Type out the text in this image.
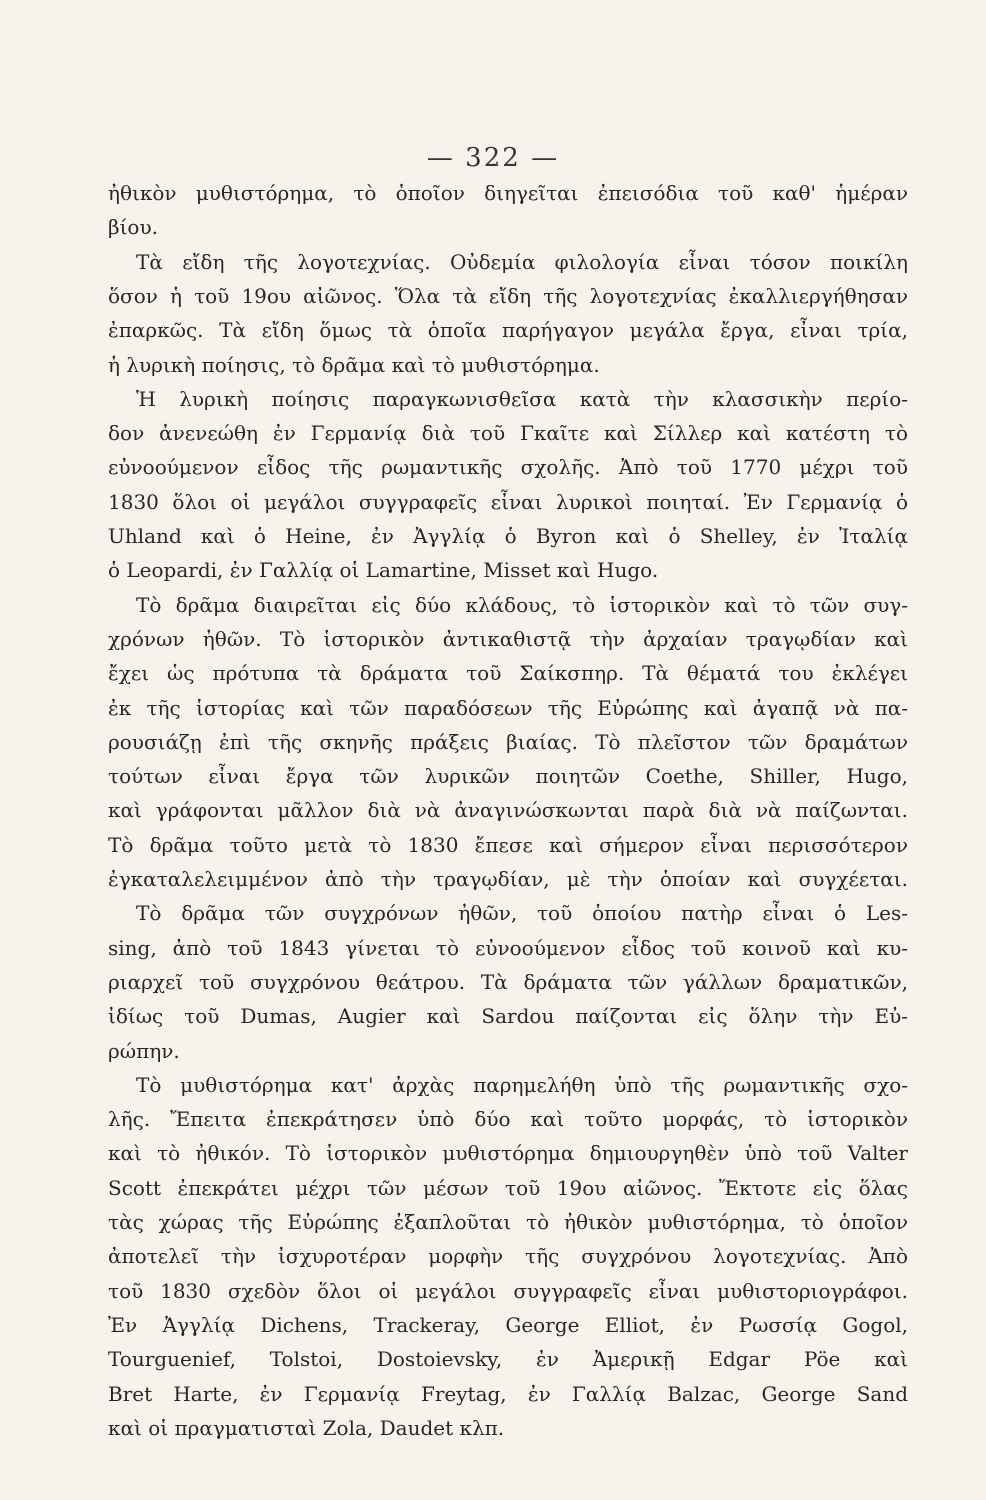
— 322 —
ἠθικὸν μυθιστόρημα, τὸ ὁποῖον διηγεῖται ἐπεισόδια τοῦ καθ' ἡμέραν
βίου.
Τὰ εἴδη τῆς λογοτεχνίας. Οὐδεμία φιλολογία εἶναι τόσον ποικίλη
ὅσον ἡ τοῦ 19ου αἰῶνος. Ὅλα τὰ εἴδη τῆς λογοτεχνίας ἐκαλλιεργήθησαν
ἐπαρκῶς. Τὰ εἴδη ὅμως τὰ ὁποῖα παρήγαγον μεγάλα ἔργα, εἶναι τρία,
ἡ λυρικὴ ποίησις, τὸ δρᾶμα καὶ τὸ μυθιστόρημα.
Ἡ λυρικὴ ποίησις παραγκωνισθεῖσα κατὰ τὴν κλασσικὴν περίο-
δον ἀνενεώθη ἐν Γερμανίᾳ διὰ τοῦ Γκαῖτε καὶ Σίλλερ καὶ κατέστη τὸ
εὐνοούμενον εἶδος τῆς ρωμαντικῆς σχολῆς. Ἀπὸ τοῦ 1770 μέχρι τοῦ
1830 ὅλοι οἱ μεγάλοι συγγραφεῖς εἶναι λυρικοὶ ποιηταί. Ἐν Γερμανίᾳ ὁ
Uhland καὶ ὁ Heine, ἐν Ἀγγλίᾳ ὁ Byron καὶ ὁ Shelley, ἐν Ἰταλίᾳ
ὁ Leopardi, ἐν Γαλλίᾳ οἱ Lamartine, Misset καὶ Hugo.
Τὸ δρᾶμα διαιρεῖται εἰς δύο κλάδους, τὸ ἱστορικὸν καὶ τὸ τῶν συγ-
χρόνων ἠθῶν. Τὸ ἱστορικὸν ἀντικαθιστᾷ τὴν ἀρχαίαν τραγῳδίαν καὶ
ἔχει ὡς πρότυπα τὰ δράματα τοῦ Σαίκσπηρ. Τὰ θέματά του ἐκλέγει
ἐκ τῆς ἱστορίας καὶ τῶν παραδόσεων τῆς Εὐρώπης καὶ ἀγαπᾷ νὰ πα-
ρουσιάζῃ ἐπὶ τῆς σκηνῆς πράξεις βιαίας. Τὸ πλεῖστον τῶν δραμάτων
τούτων εἶναι ἔργα τῶν λυρικῶν ποιητῶν Coethe, Shiller, Hugo,
καὶ γράφονται μᾶλλον διὰ νὰ ἀναγινώσκωνται παρὰ διὰ νὰ παίζωνται.
Τὸ δρᾶμα τοῦτο μετὰ τὸ 1830 ἔπεσε καὶ σήμερον εἶναι περισσότερον
ἐγκαταλελειμμένον ἀπὸ τὴν τραγῳδίαν, μὲ τὴν ὁποίαν καὶ συγχέεται.
Τὸ δρᾶμα τῶν συγχρόνων ἠθῶν, τοῦ ὁποίου πατὴρ εἶναι ὁ Les-
sing, ἀπὸ τοῦ 1843 γίνεται τὸ εὐνοούμενον εἶδος τοῦ κοινοῦ καὶ κυ-
ριαρχεῖ τοῦ συγχρόνου θεάτρου. Τὰ δράματα τῶν γάλλων δραματικῶν,
ἰδίως τοῦ Dumas, Augier καὶ Sardou παίζονται εἰς ὅλην τὴν Εὐ-
ρώπην.
Τὸ μυθιστόρημα κατ' ἀρχὰς παρημελήθη ὑπὸ τῆς ρωμαντικῆς σχο-
λῆς. Ἔπειτα ἐπεκράτησεν ὑπὸ δύο καὶ τοῦτο μορφάς, τὸ ἱστορικὸν
καὶ τὸ ἠθικόν. Τὸ ἱστορικὸν μυθιστόρημα δημιουργηθὲν ὑπὸ τοῦ Valter
Scott ἐπεκράτει μέχρι τῶν μέσων τοῦ 19ου αἰῶνος. Ἔκτοτε εἰς ὅλας
τὰς χώρας τῆς Εὐρώπης ἐξαπλοῦται τὸ ἠθικὸν μυθιστόρημα, τὸ ὁποῖον
ἀποτελεῖ τὴν ἰσχυροτέραν μορφὴν τῆς συγχρόνου λογοτεχνίας. Ἀπὸ
τοῦ 1830 σχεδὸν ὅλοι οἱ μεγάλοι συγγραφεῖς εἶναι μυθιστοριογράφοι.
Ἐν Ἀγγλίᾳ Dichens, Trackeray, George Elliot, ἐν Ρωσσίᾳ Gogol,
Tourguenief, Tolstoi, Dostoievsky, ἐν Ἀμερικῇ Edgar Pöe καὶ
Bret Harte, ἐν Γερμανίᾳ Freytag, ἐν Γαλλίᾳ Balzac, George Sand
καὶ οἱ πραγματισταὶ Zola, Daudet κλπ.
